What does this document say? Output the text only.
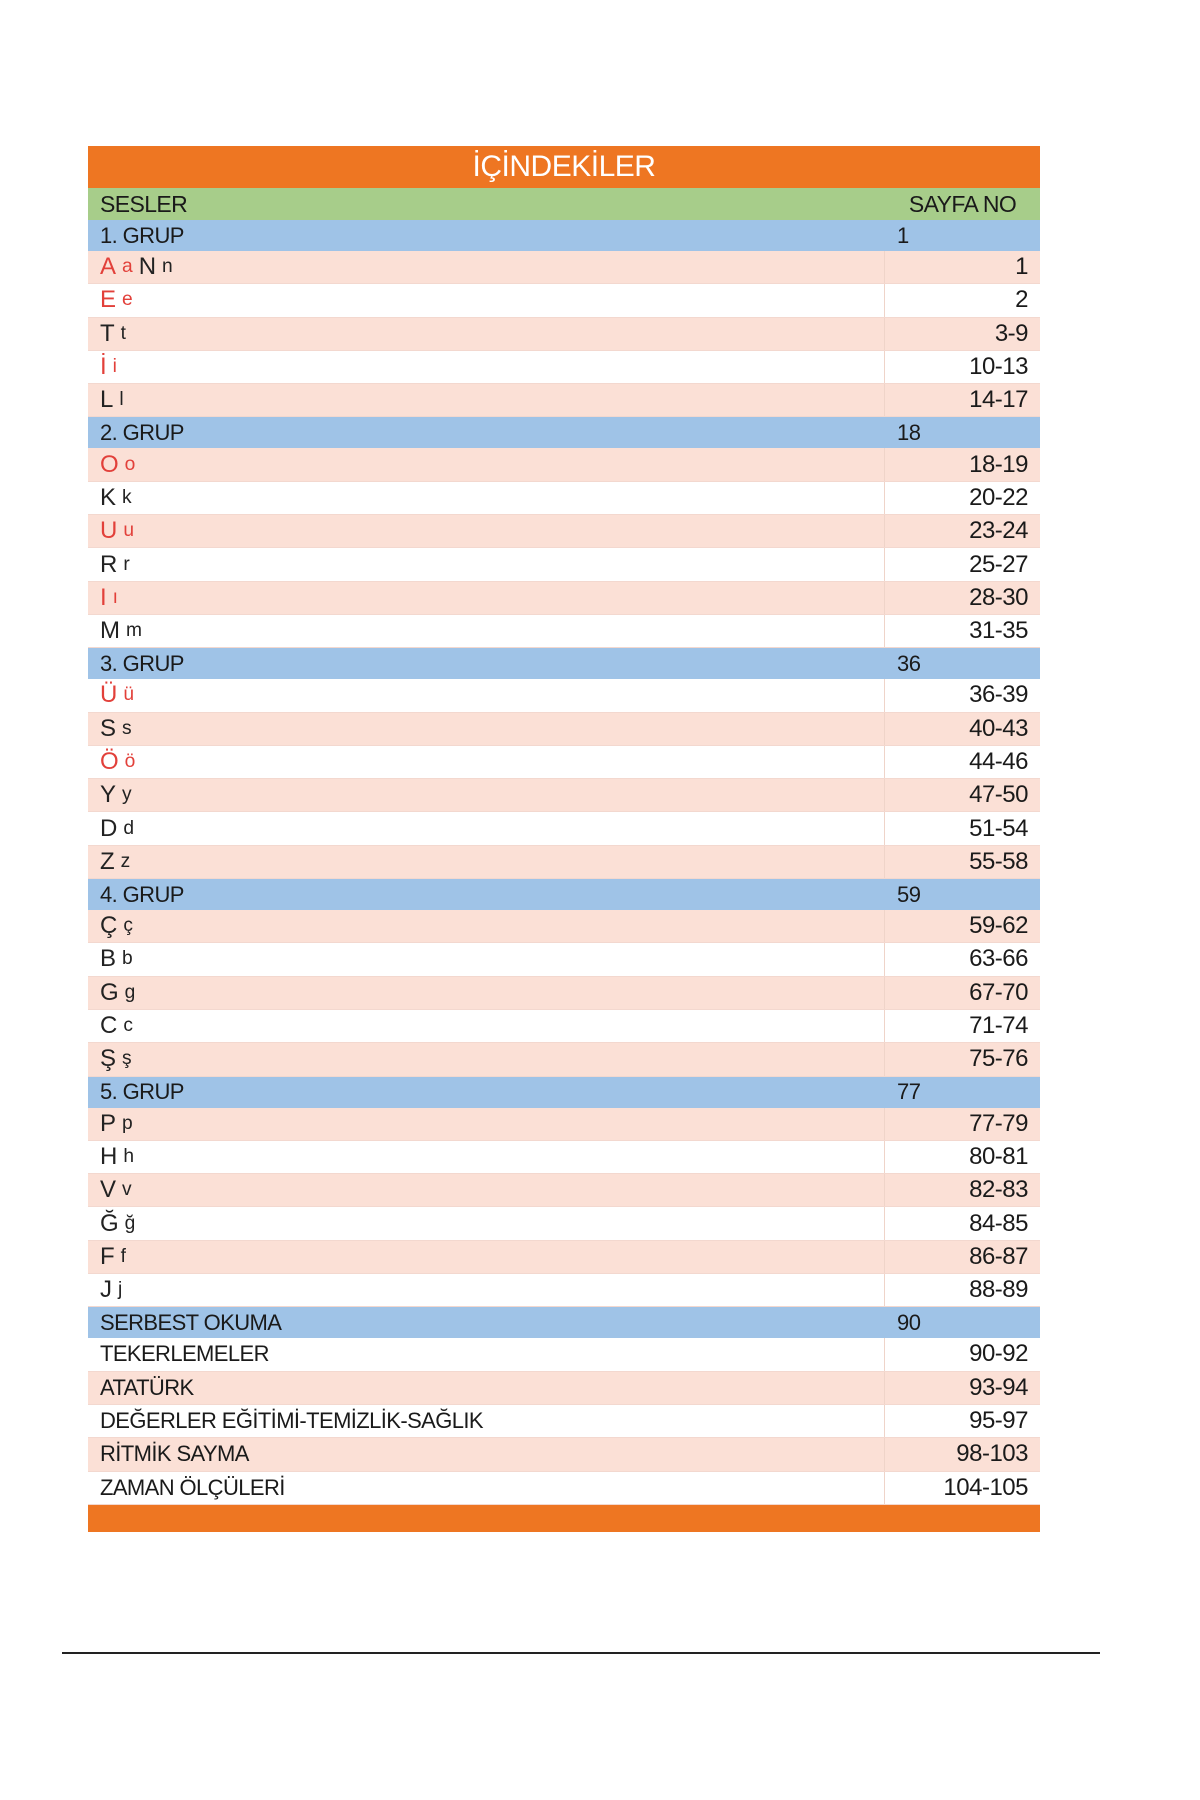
İÇİNDEKİLER
SESLER	SAYFA NO
1. GRUP	1
A a N n	1
E e	2
T t	3-9
İ i	10-13
L l	14-17
2. GRUP	18
O o	18-19
K k	20-22
U u	23-24
R r	25-27
I ı	28-30
M m	31-35
3. GRUP	36
Ü ü	36-39
S s	40-43
Ö ö	44-46
Y y	47-50
D d	51-54
Z z	55-58
4. GRUP	59
Ç ç	59-62
B b	63-66
G g	67-70
C c	71-74
Ş ş	75-76
5. GRUP	77
P p	77-79
H h	80-81
V v	82-83
Ğ ğ	84-85
F f	86-87
J j	88-89
SERBEST OKUMA	90
TEKERLEMELER	90-92
ATATÜRK	93-94
DEĞERLER EĞİTİMİ-TEMİZLİK-SAĞLIK	95-97
RİTMİK SAYMA	98-103
ZAMAN ÖLÇÜLERİ	104-105
